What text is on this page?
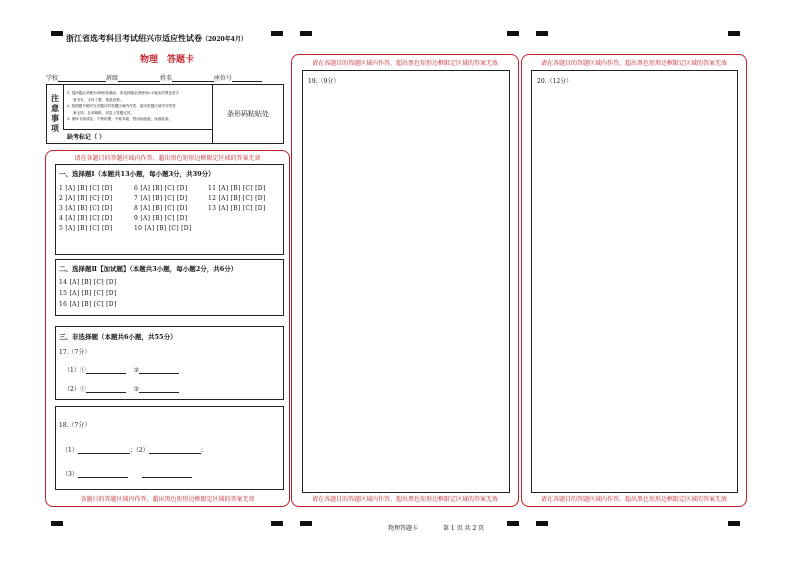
浙江省选考科目考试绍兴市适应性试卷（2020年4月）
物理　答题卡
学校	班级	姓名	座位号
注意事项
1. 选择题必须使用2B铅笔填涂；非选择题必须使用0.5毫米的黑色签字
笔书写，字体工整，笔迹清楚。
2. 按照题号顺序在各题目的答题区域内作答，超出答题区域书写的答
案无效；在草稿纸、试卷上答题无效。
3. 保持卡面清洁，不要折叠，不要弄破，禁用涂改液，涂改胶条。
缺考标记（ ）
条形码粘贴处
请在各题目的答题区域内作答，超出黑色矩形边框限定区域的答案无效
各题目的答题区域内作答，超出黑色矩形边框限定区域的答案无效
一、选择题Ⅰ（本题共13小题，每小题3分，共39分）
1 [A] [B] [C] [D]
2 [A] [B] [C] [D]
3 [A] [B] [C] [D]
4 [A] [B] [C] [D]
5 [A] [B] [C] [D]
6 [A] [B] [C] [D]
7 [A] [B] [C] [D]
8 [A] [B] [C] [D]
9 [A] [B] [C] [D]
10 [A] [B] [C] [D]
11 [A] [B] [C] [D]
12 [A] [B] [C] [D]
13 [A] [B] [C] [D]
二、选择题Ⅱ【加试题】（本题共3小题，每小题2分，共6分）
14 [A] [B] [C] [D]
15 [A] [B] [C] [D]
16 [A] [B] [C] [D]
三、非选择题（本题共6小题，共55分）
17.（7分）
（1）①	②
（2）①	②
18.（7分）
（1）	；（2）	；
（3）
请在各题目的答题区域内作答，超出黑色矩形边框限定区域的答案无效
19.（9分）
请在各题目的答题区域内作答，超出黑色矩形边框限定区域的答案无效
请在各题目的答题区域内作答，超出黑色矩形边框限定区域的答案无效
20.（12分）
请在各题目的答题区域内作答，超出黑色矩形边框限定区域的答案无效
物理答题卡	第 1 页 共 2 页
